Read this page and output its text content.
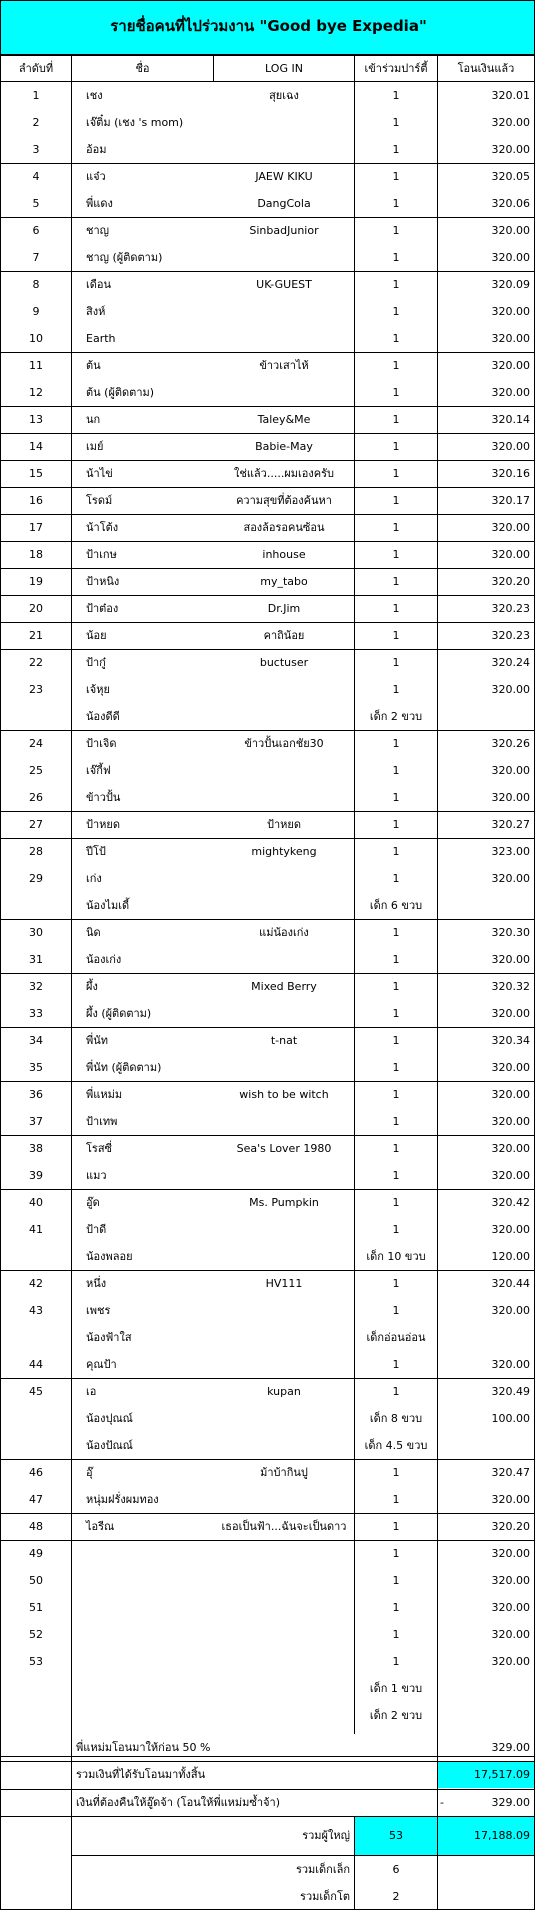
รายชื่อคนที่ไปร่วมงาน "Good bye Expedia"
ลำดับที่	ชื่อ	LOG IN	เข้าร่วมปาร์ตี้	โอนเงินแล้ว
1	เชง	สุยเฉง	1	320.01
2	เจ๊ติ๋ม (เชง 's mom)	1	320.00
3	อ้อม	1	320.00
4	แจ๋ว	JAEW KIKU	1	320.05
5	พี่แดง	DangCola	1	320.06
6	ชาญ	SinbadJunior	1	320.00
7	ชาญ (ผู้ติดตาม)	1	320.00
8	เดือน	UK-GUEST	1	320.09
9	สิงห์	1	320.00
10	Earth	1	320.00
11	ต้น	ข้าวเสาไห้	1	320.00
12	ต้น (ผู้ติดตาม)	1	320.00
13	นก	Taley&Me	1	320.14
14	เมย์	Babie-May	1	320.00
15	น้าไข่	ใช่แล้ว.....ผมเองครับ	1	320.16
16	โรดม์	ความสุขที่ต้องค้นหา	1	320.17
17	น้าโต้ง	สองล้อรอคนซ้อน	1	320.00
18	ป้าเกษ	inhouse	1	320.00
19	ป้าหนิง	my_tabo	1	320.20
20	ป้าต๋อง	Dr.Jim	1	320.23
21	น้อย	คาถิน้อย	1	320.23
22	ป้ากู๋	buctuser	1	320.24
23	เจ้หุย	1	320.00
น้องดีดี	เด็ก 2 ขวบ
24	ป้าเจิด	ข้าวปั้นเอกชัย30	1	320.26
25	เจ๊กี้ฟ	1	320.00
26	ข้าวปั้น	1	320.00
27	ป้าหยด	ป้าหยด	1	320.27
28	ปีโป้	mightykeng	1	323.00
29	เก่ง	1	320.00
น้องไมเดี้	เด็ก 6 ขวบ
30	นิด	แม่น้องเก่ง	1	320.30
31	น้องเก่ง	1	320.00
32	ผึ้ง	Mixed Berry	1	320.32
33	ผึ้ง (ผู้ติดตาม)	1	320.00
34	พี่นัท	t-nat	1	320.34
35	พี่นัท (ผู้ติดตาม)	1	320.00
36	พี่แหม่ม	wish to be witch	1	320.00
37	ป้าเทพ	1	320.00
38	โรสซี่	Sea's Lover 1980	1	320.00
39	แมว	1	320.00
40	อู๊ด	Ms. Pumpkin	1	320.42
41	ป้าดี	1	320.00
น้องพลอย	เด็ก 10 ขวบ	120.00
42	หนึ่ง	HV111	1	320.44
43	เพชร	1	320.00
น้องฟ้าใส	เด็กอ่อนอ่อน
44	คุณป้า	1	320.00
45	เอ	kupan	1	320.49
น้องปุณณ์	เด็ก 8 ขวบ	100.00
น้องปัณณ์	เด็ก 4.5 ขวบ
46	อุ๊	ม้าบ้ากินปู	1	320.47
47	หนุ่มฝรั่งผมทอง	1	320.00
48	ไอรีณ	เธอเป็นฟ้า...ฉันจะเป็นดาว	1	320.20
49	1	320.00
50	1	320.00
51	1	320.00
52	1	320.00
53	1	320.00
เด็ก 1 ขวบ
เด็ก 2 ขวบ
พี่แหม่มโอนมาให้ก่อน 50 %	329.00
รวมเงินที่ได้รับโอนมาทั้งสิ้น	17,517.09
เงินที่ต้องคืนให้อู๊ดจ้า (โอนให้พี่แหม่มซ้ำจ้า)	-	329.00
รวมผู้ใหญ่	53	17,188.09
รวมเด็กเล็ก	6
รวมเด็กโต	2
